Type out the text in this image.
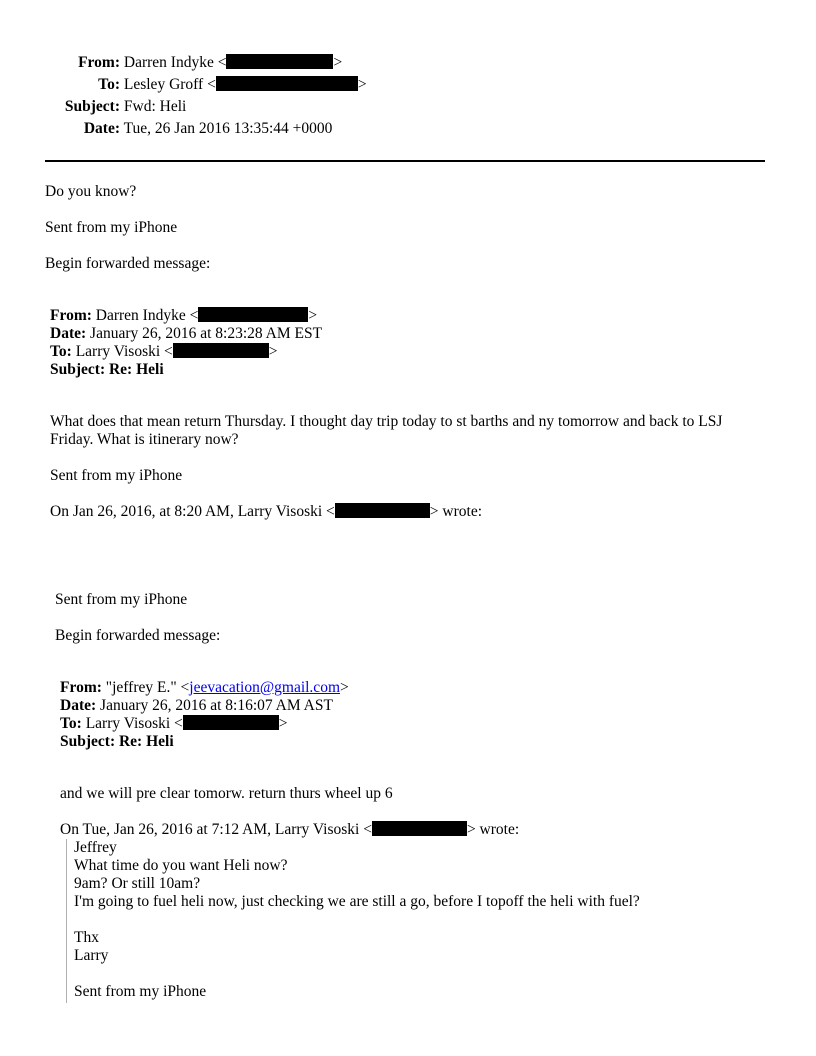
From: Darren Indyke <	>
To: Lesley Groff <	>
Subject: Fwd: Heli
Date: Tue, 26 Jan 2016 13:35:44 +0000
Do you know?
Sent from my iPhone
Begin forwarded message:
From: Darren Indyke <	>
Date: January 26, 2016 at 8:23:28 AM EST
To: Larry Visoski <	>
Subject: Re: Heli
What does that mean return Thursday. I thought day trip today to st barths and ny tomorrow and back to LSJ
Friday. What is itinerary now?
Sent from my iPhone
On Jan 26, 2016, at 8:20 AM, Larry Visoski <	> wrote:
Sent from my iPhone
Begin forwarded message:
From: "jeffrey E." <jeevacation@gmail.com>
Date: January 26, 2016 at 8:16:07 AM AST
To: Larry Visoski <	>
Subject: Re: Heli
and we will pre clear tomorw. return thurs wheel up 6
On Tue, Jan 26, 2016 at 7:12 AM, Larry Visoski <	> wrote:
Jeffrey
What time do you want Heli now?
9am? Or still 10am?
I'm going to fuel heli now, just checking we are still a go, before I topoff the heli with fuel?
Thx
Larry
Sent from my iPhone
